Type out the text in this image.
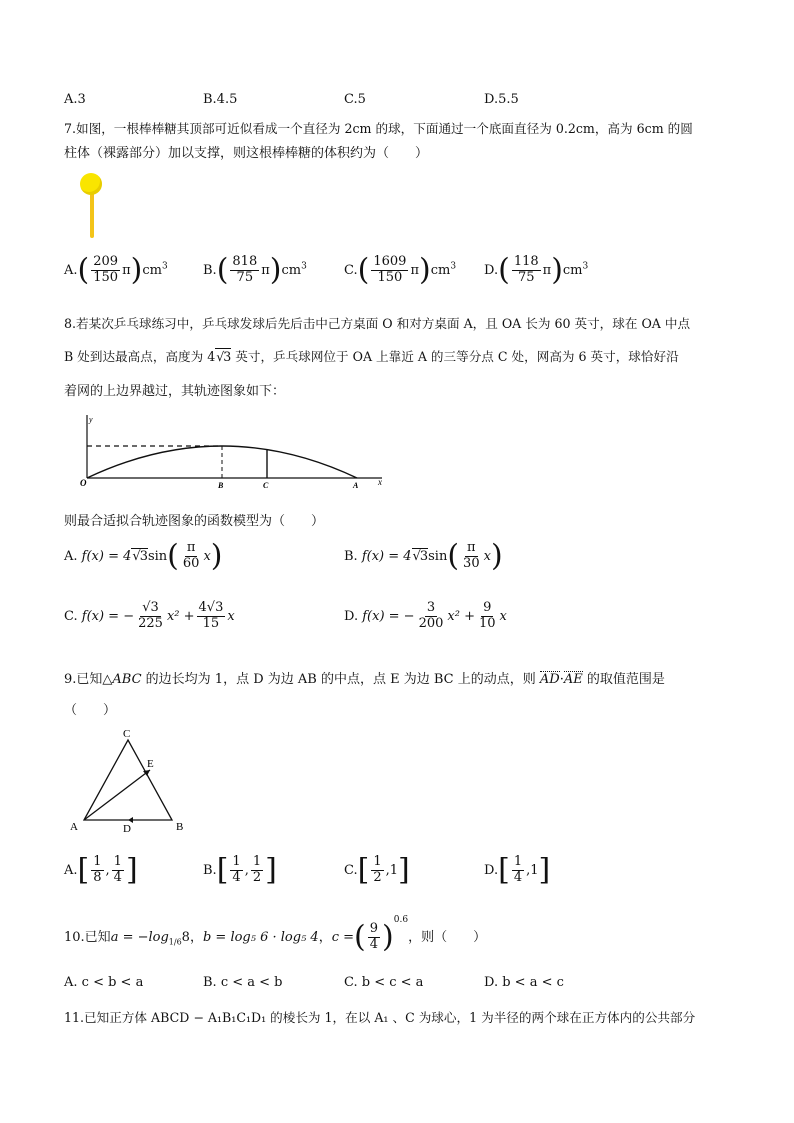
A.3	B.4.5	C.5	D.5.5
7.如图，一根棒棒糖其顶部可近似看成一个直径为 2cm 的球，下面通过一个底面直径为 0.2cm，高为 6cm 的圆
柱体（裸露部分）加以支撑，则这根棒棒糖的体积约为（　　）
$A.( \frac{209}{150} \pi)cm^3$	$B.( \frac{818}{75} \pi)cm^3$	$C.( \frac{1609}{150} \pi)cm^3$ $D.( \frac{118}{75} \pi)cm^3$
8.若某次乒乓球练习中，乒乓球发球后先后击中己方桌面 O 和对方桌面 A，且 OA 长为 60 英寸，球在 OA 中点
B 处到达最高点，高度为 4√3 英寸，乒乓球网位于 OA 上靠近 A 的三等分点 C 处，网高为 6 英寸，球恰好沿
着网的上边界越过，其轨迹图象如下：
y
x
O	B	C	A
则最合适拟合轨迹图象的函数模型为（　　）
A. $f(x) = 4√3\sin( \frac{\pi}{60} x)$	B. $f(x) = 4√3\sin( \frac{\pi}{30} x)$
C. f(x) = − $\frac{√3}{225} x^2 + \frac{4√3}{15}$ x	D. f(x) = − $\frac{3}{200} x^2 + \frac{9}{10}$ x
9.已知△ABC 的边长均为 1，点 D 为边 AB 的中点，点 E 为边 BC 上的动点，则 AD·AE 的取值范围是
（　　）
A	B
C
D
E
$A.[ \frac{1}{8}$ , $\frac{1}{4}$ ]	$B.[ \frac{1}{4}$ , $\frac{1}{2}$ ]	$C.[ \frac{1}{2} ,1]$	$D.[ \frac{1}{4} ,1]$
10.已知$a = -\log_{1/6}8$，b = log₅ 6 · log₅ 4，c =( $\frac{9}{4} )^{0.6}$，则（　　）
A. c < b < a	B. c < a < b	C. b < c < a	D. b < a < c
11.已知正方体 ABCD − A₁B₁C₁D₁ 的棱长为 1，在以 A₁ 、C 为球心，1 为半径的两个球在正方体内的公共部分
